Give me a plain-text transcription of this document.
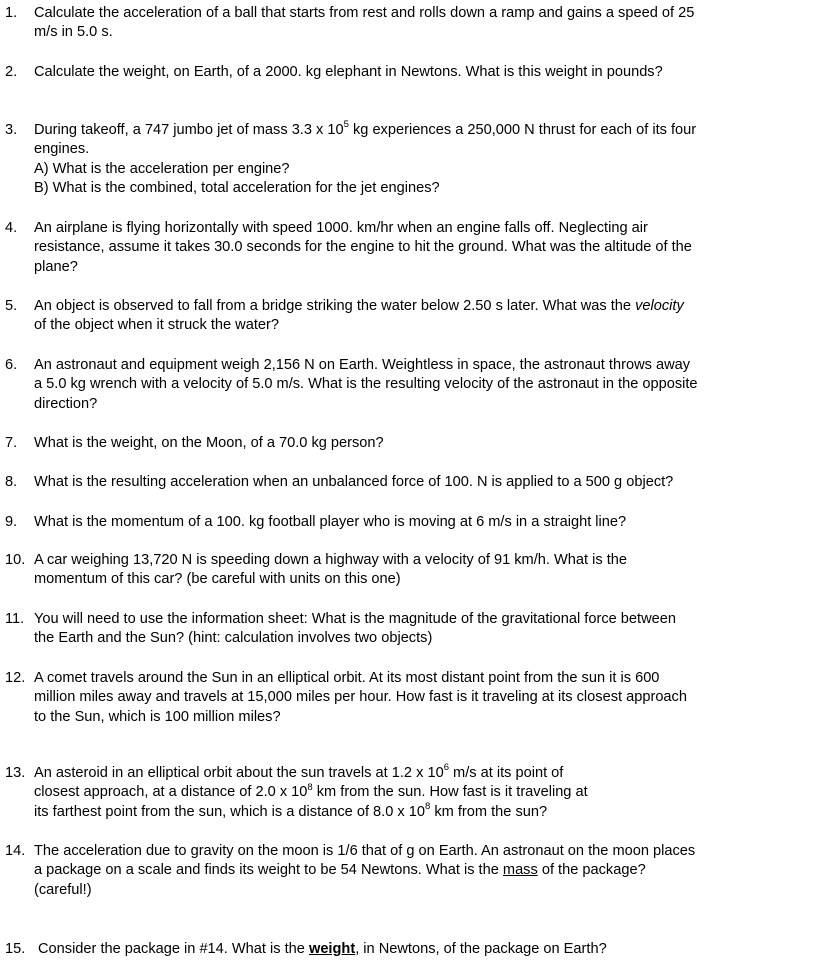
1. Calculate the acceleration of a ball that starts from rest and rolls down a ramp and gains a speed of 25
m/s in 5.0 s.
2. Calculate the weight, on Earth, of a 2000. kg elephant in Newtons. What is this weight in pounds?
3. During takeoff, a 747 jumbo jet of mass 3.3 x $10^5$ kg experiences a 250,000 N thrust for each of its four
engines.
A) What is the acceleration per engine?
B) What is the combined, total acceleration for the jet engines?
4. An airplane is flying horizontally with speed 1000. km/hr when an engine falls off. Neglecting air
resistance, assume it takes 30.0 seconds for the engine to hit the ground. What was the altitude of the
plane?
5. An object is observed to fall from a bridge striking the water below 2.50 s later. What was the velocity
of the object when it struck the water?
6. An astronaut and equipment weigh 2,156 N on Earth. Weightless in space, the astronaut throws away
a 5.0 kg wrench with a velocity of 5.0 m/s. What is the resulting velocity of the astronaut in the opposite
direction?
7. What is the weight, on the Moon, of a 70.0 kg person?
8. What is the resulting acceleration when an unbalanced force of 100. N is applied to a 500 g object?
9. What is the momentum of a 100. kg football player who is moving at 6 m/s in a straight line?
10. A car weighing 13,720 N is speeding down a highway with a velocity of 91 km/h. What is the
momentum of this car? (be careful with units on this one)
11. You will need to use the information sheet: What is the magnitude of the gravitational force between
the Earth and the Sun? (hint: calculation involves two objects)
12. A comet travels around the Sun in an elliptical orbit. At its most distant point from the sun it is 600
million miles away and travels at 15,000 miles per hour. How fast is it traveling at its closest approach
to the Sun, which is 100 million miles?
13. An asteroid in an elliptical orbit about the sun travels at 1.2 x $10^6$ m/s at its point of
closest approach, at a distance of 2.0 x $10^8$ km from the sun. How fast is it traveling at
its farthest point from the sun, which is a distance of 8.0 x $10^8$ km from the sun?
14. The acceleration due to gravity on the moon is 1/6 that of g on Earth. An astronaut on the moon places
a package on a scale and finds its weight to be 54 Newtons. What is the mass of the package?
(careful!)
15. Consider the package in #14. What is the weight, in Newtons, of the package on Earth?
